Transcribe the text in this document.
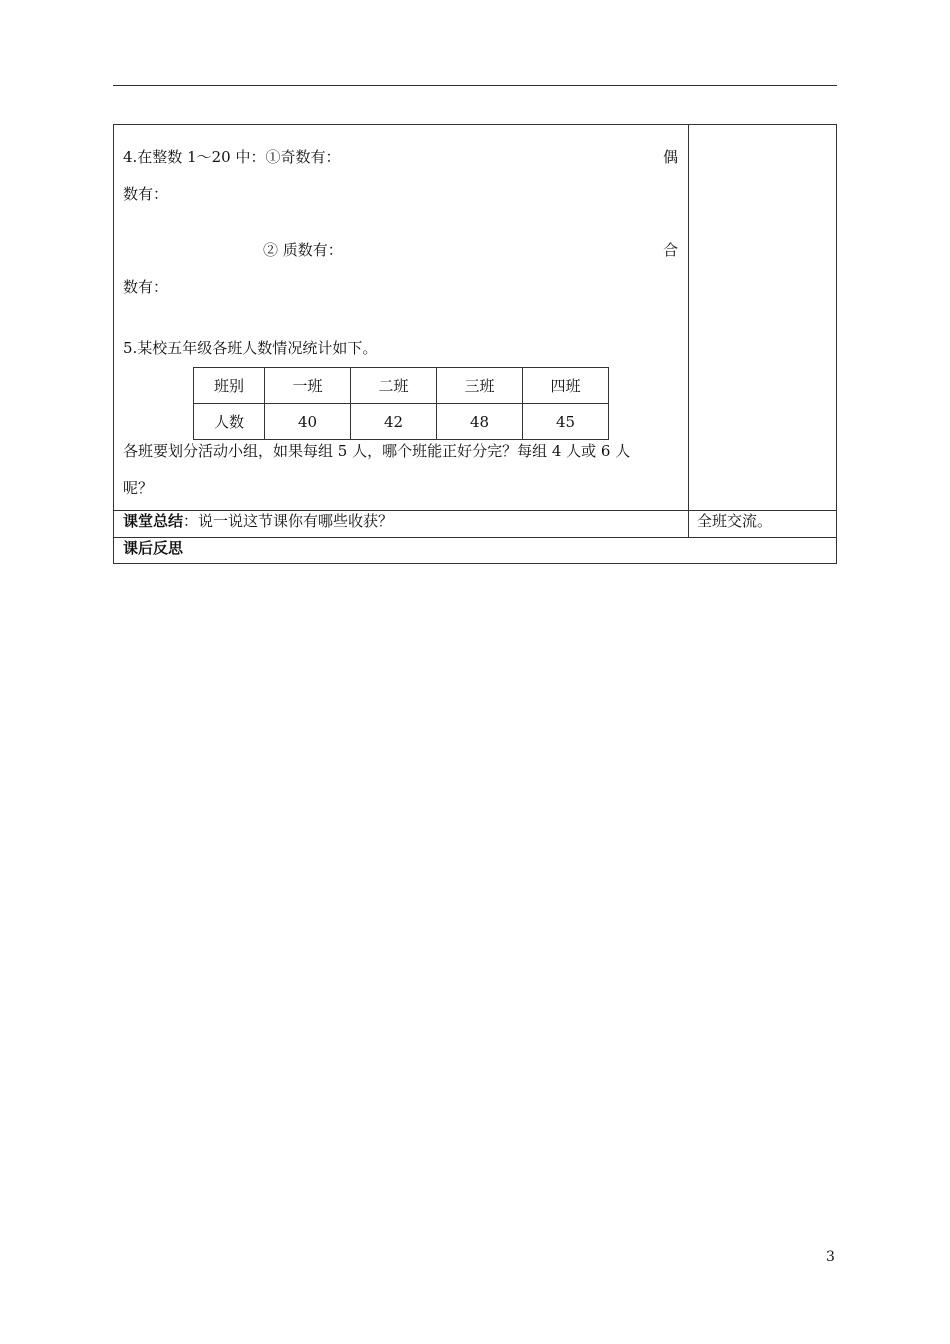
4.在整数 1～20 中：①奇数有：	偶
数有：
② 质数有：	合
数有：
5.某校五年级各班人数情况统计如下。
班别	一班	二班	三班	四班
人数	40	42	48	45
各班要划分活动小组，如果每组 5 人，哪个班能正好分完？每组 4 人或 6 人
呢？
课堂总结：说一说这节课你有哪些收获？	全班交流。
课后反思
3
